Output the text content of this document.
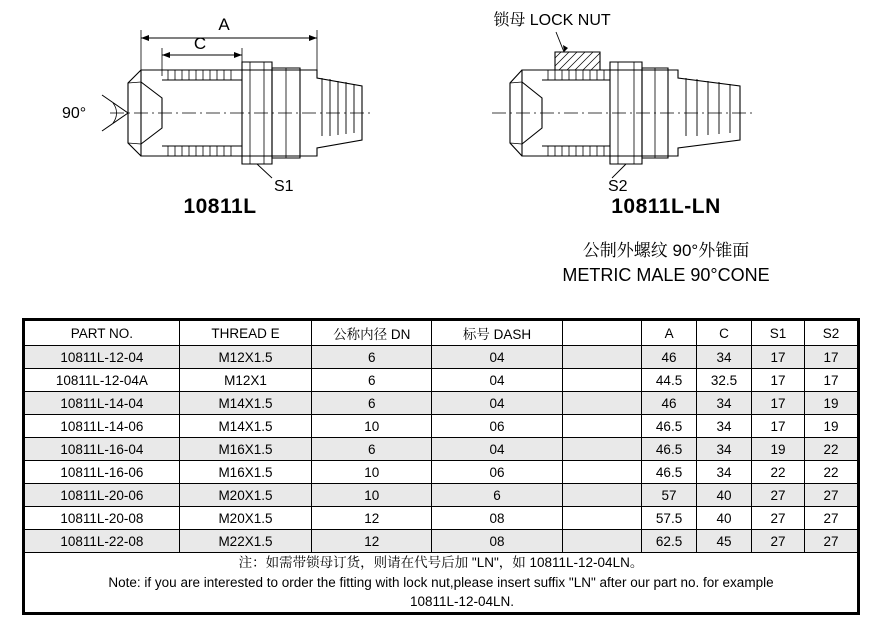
A
C
90°
S1
10811L
锁母 LOCK NUT
S2
10811L-LN
公制外螺纹 90°外锥面
METRIC MALE 90°CONE
PART NO.	THREAD E	公称内径 DN	标号 DASH		A	C	S1	S2
10811L-12-04	M12X1.5	6	04		46	34	17	17
10811L-12-04A	M12X1	6	04		44.5	32.5	17	17
10811L-14-04	M14X1.5	6	04		46	34	17	19
10811L-14-06	M14X1.5	10	06		46.5	34	17	19
10811L-16-04	M16X1.5	6	04		46.5	34	19	22
10811L-16-06	M16X1.5	10	06		46.5	34	22	22
10811L-20-06	M20X1.5	10	6		57	40	27	27
10811L-20-08	M20X1.5	12	08		57.5	40	27	27
10811L-22-08	M22X1.5	12	08		62.5	45	27	27

注：如需带锁母订货，则请在代号后加 "LN"，如 10811L-12-04LN。
Note: if you are interested to order the fitting with lock nut,please insert suffix "LN" after our part no. for example
10811L-12-04LN.								
